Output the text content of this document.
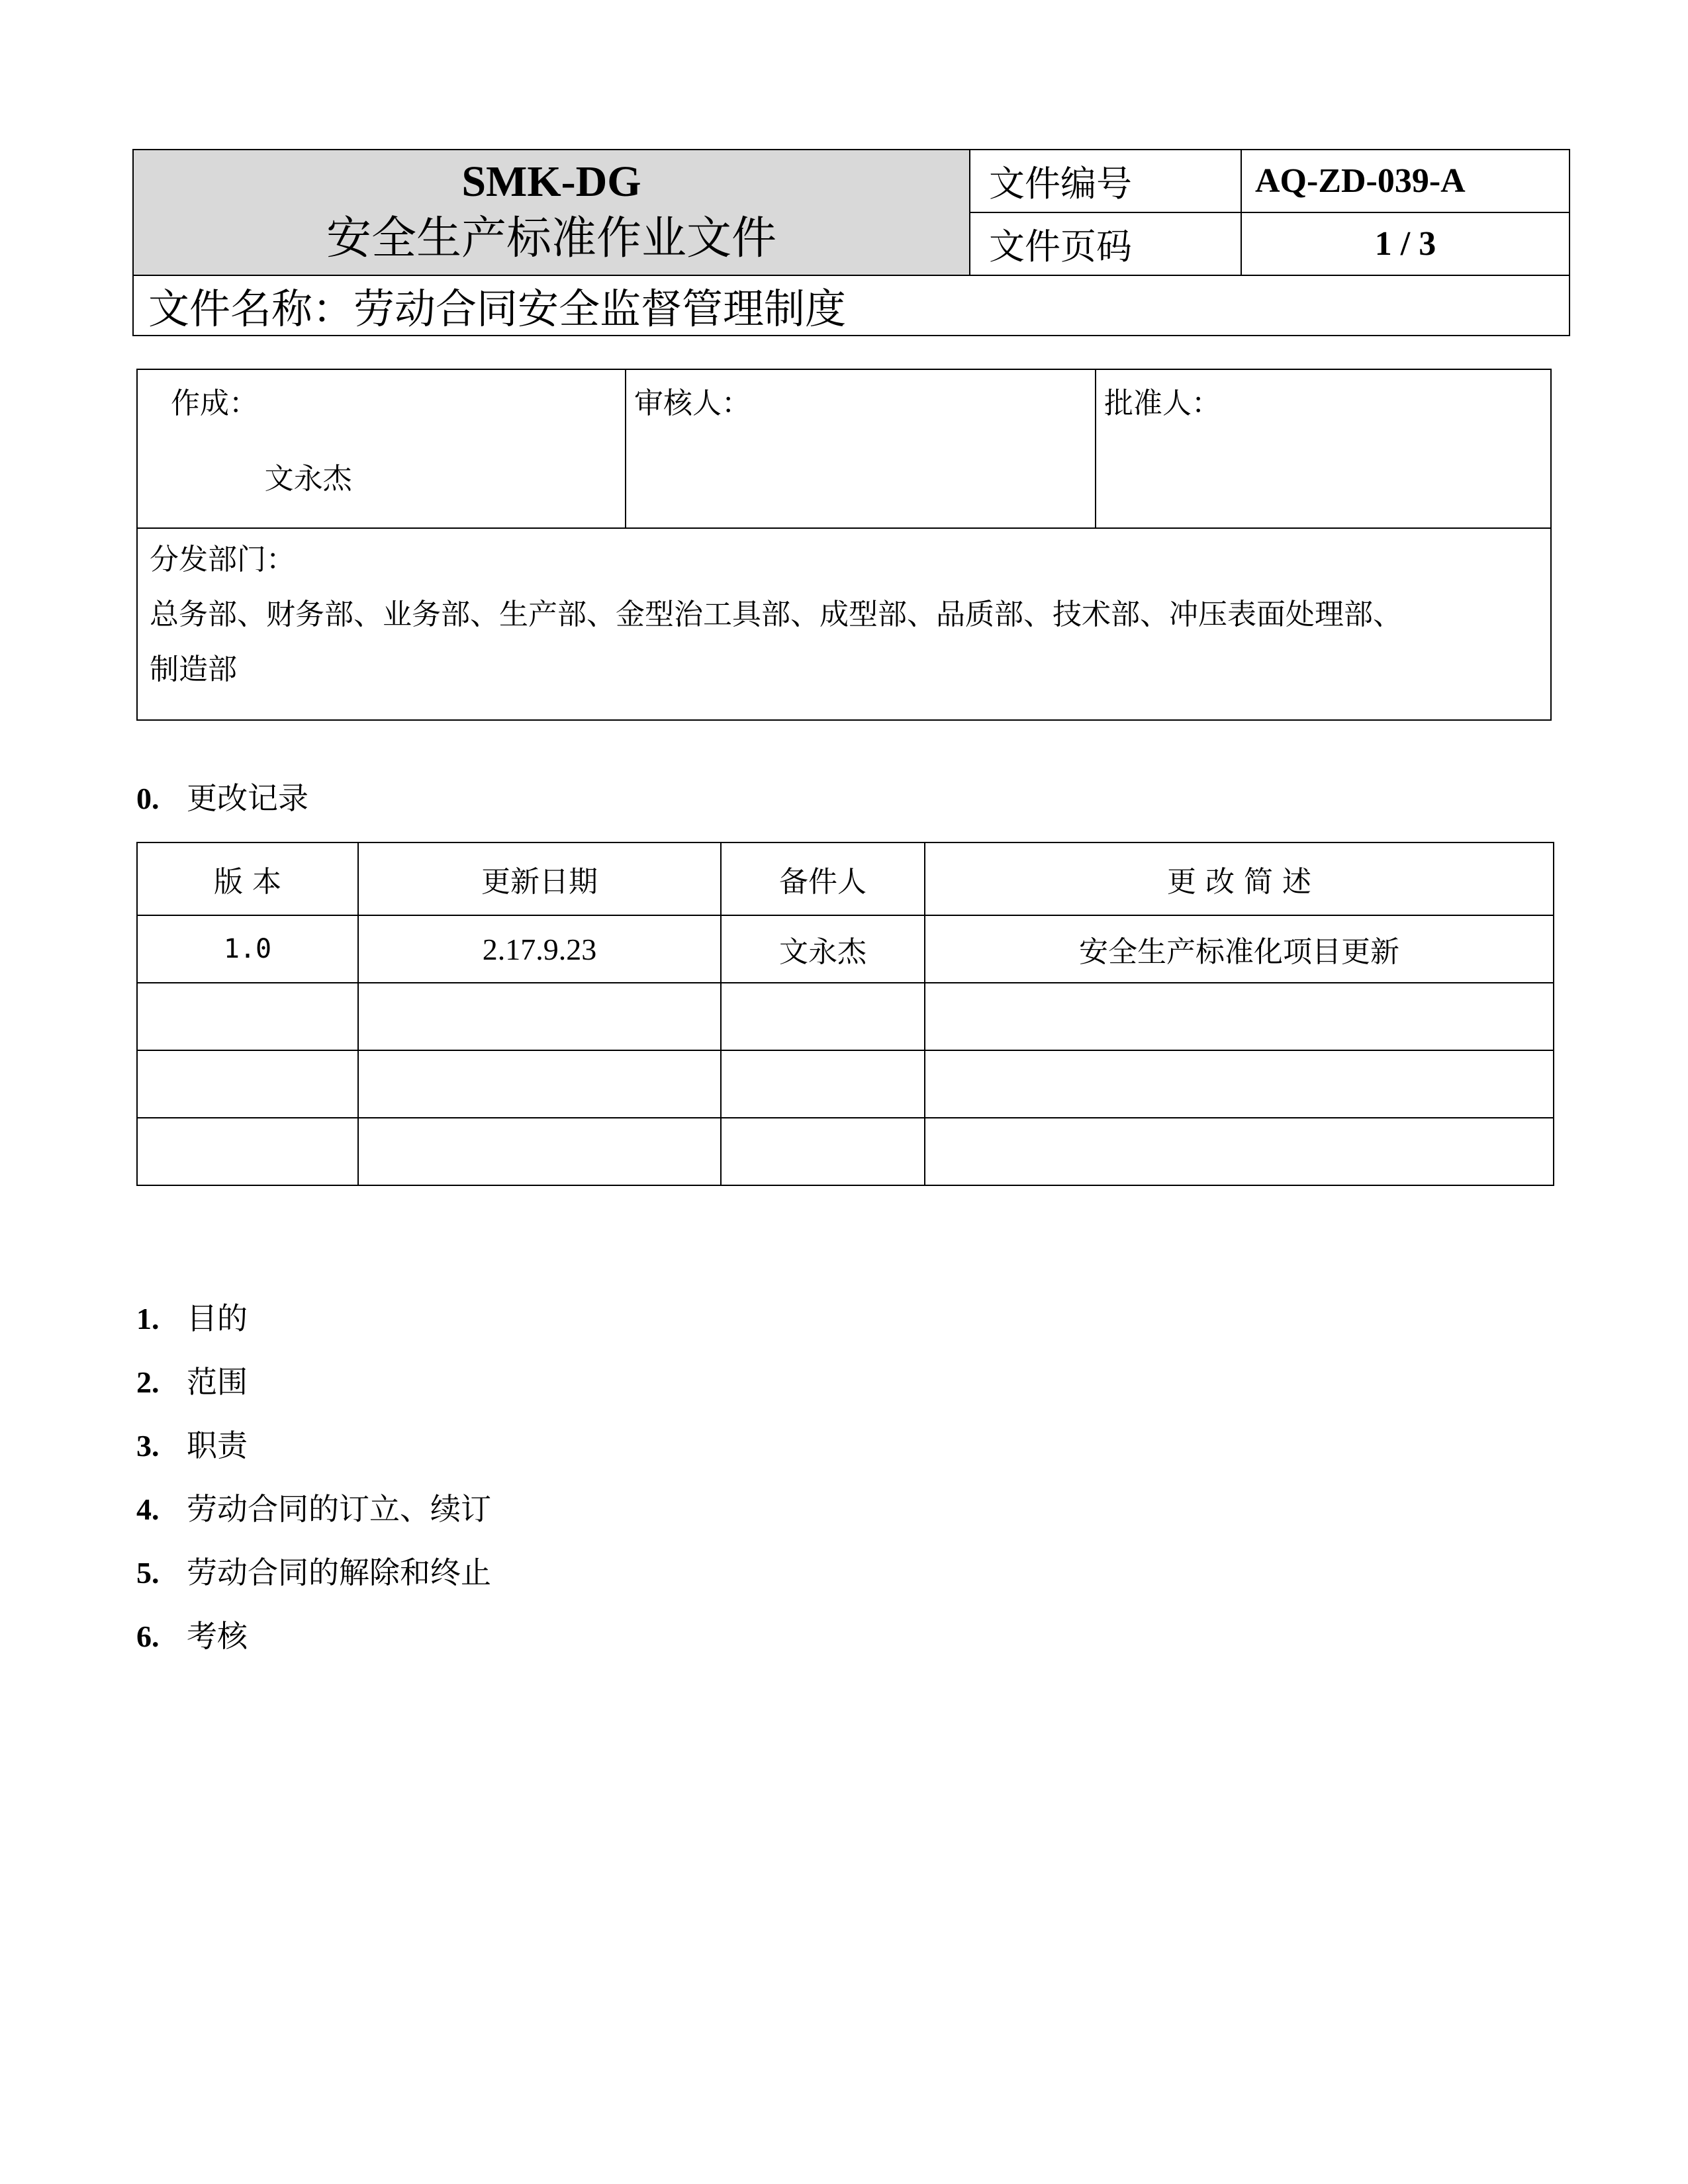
SMK-DG
安全生产标准作业文件	文件编号	AQ-ZD-039-A
	文件页码	1 / 3
文件名称：劳动合同安全监督管理制度		
作成：
文永杰

审核人：	批准人：

分发部门：
总务部、财务部、业务部、生产部、金型治工具部、成型部、品质部、技术部、冲压表面处理部、
制造部
0. 更改记录
版 本	更新日期	备件人	更 改 简 述
1.0	2.17.9.23	文永杰	安全生产标准化项目更新

1. 目的
2. 范围
3. 职责
4. 劳动合同的订立、续订
5. 劳动合同的解除和终止
6. 考核
